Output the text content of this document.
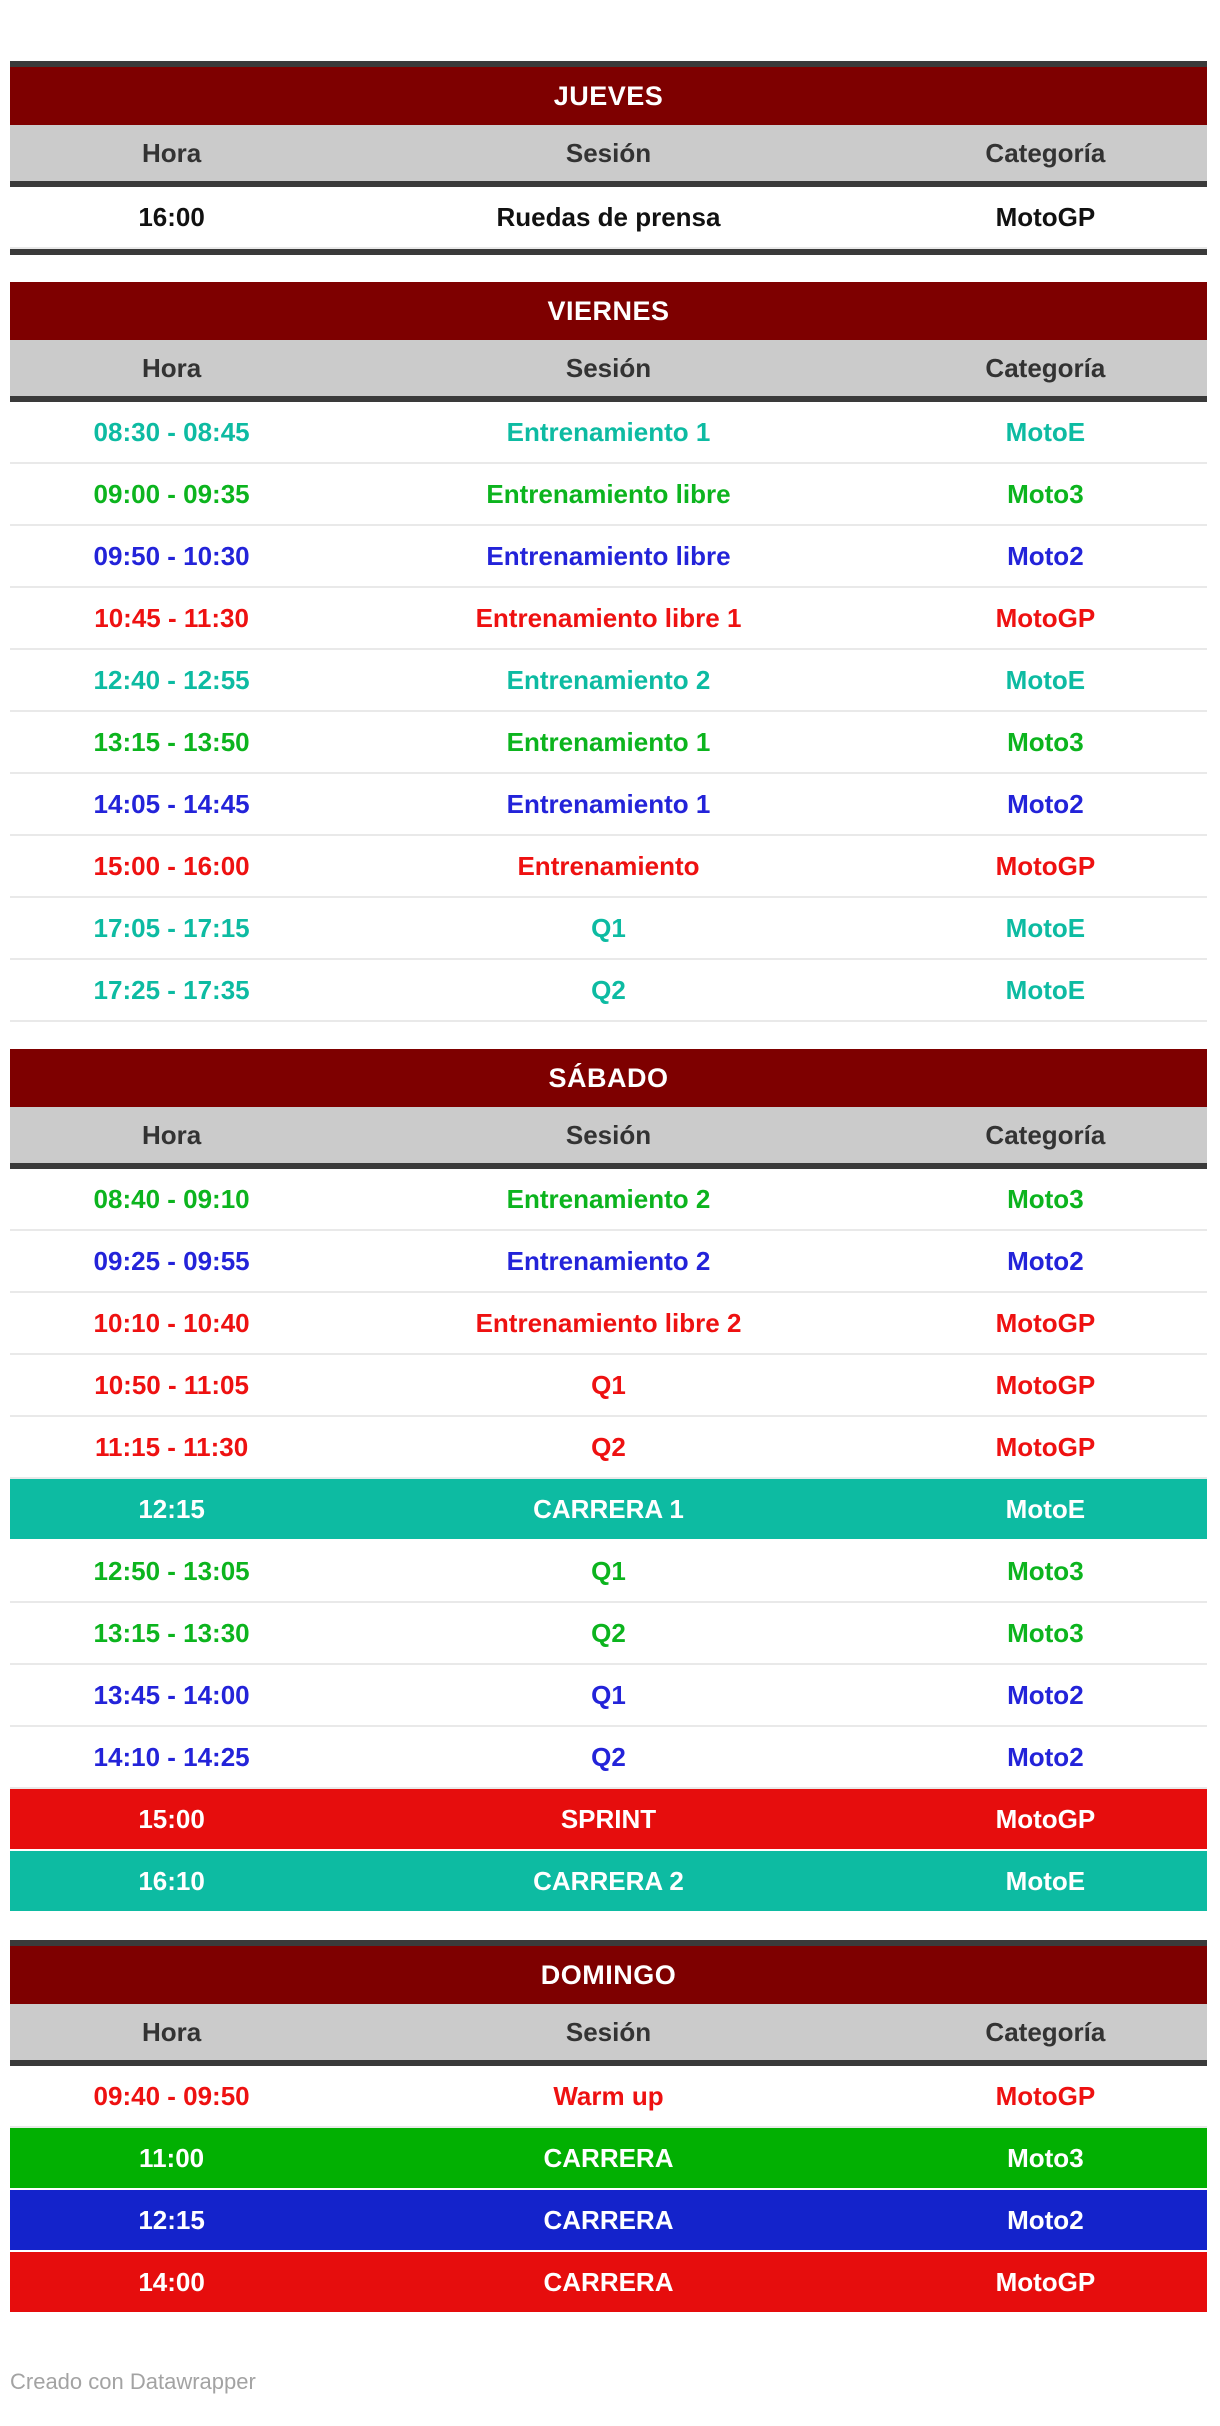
JUEVES
Hora	Sesión	Categoría
16:00	Ruedas de prensa	MotoGP
VIERNES
Hora	Sesión	Categoría
08:30 - 08:45	Entrenamiento 1	MotoE
09:00 - 09:35	Entrenamiento libre	Moto3
09:50 - 10:30	Entrenamiento libre	Moto2
10:45 - 11:30	Entrenamiento libre 1	MotoGP
12:40 - 12:55	Entrenamiento 2	MotoE
13:15 - 13:50	Entrenamiento 1	Moto3
14:05 - 14:45	Entrenamiento 1	Moto2
15:00 - 16:00	Entrenamiento	MotoGP
17:05 - 17:15	Q1	MotoE
17:25 - 17:35	Q2	MotoE
SÁBADO
Hora	Sesión	Categoría
08:40 - 09:10	Entrenamiento 2	Moto3
09:25 - 09:55	Entrenamiento 2	Moto2
10:10 - 10:40	Entrenamiento libre 2	MotoGP
10:50 - 11:05	Q1	MotoGP
11:15 - 11:30	Q2	MotoGP
12:15	CARRERA 1	MotoE
12:50 - 13:05	Q1	Moto3
13:15 - 13:30	Q2	Moto3
13:45 - 14:00	Q1	Moto2
14:10 - 14:25	Q2	Moto2
15:00	SPRINT	MotoGP
16:10	CARRERA 2	MotoE
DOMINGO
Hora	Sesión	Categoría
09:40 - 09:50	Warm up	MotoGP
11:00	CARRERA	Moto3
12:15	CARRERA	Moto2
14:00	CARRERA	MotoGP
Creado con Datawrapper
